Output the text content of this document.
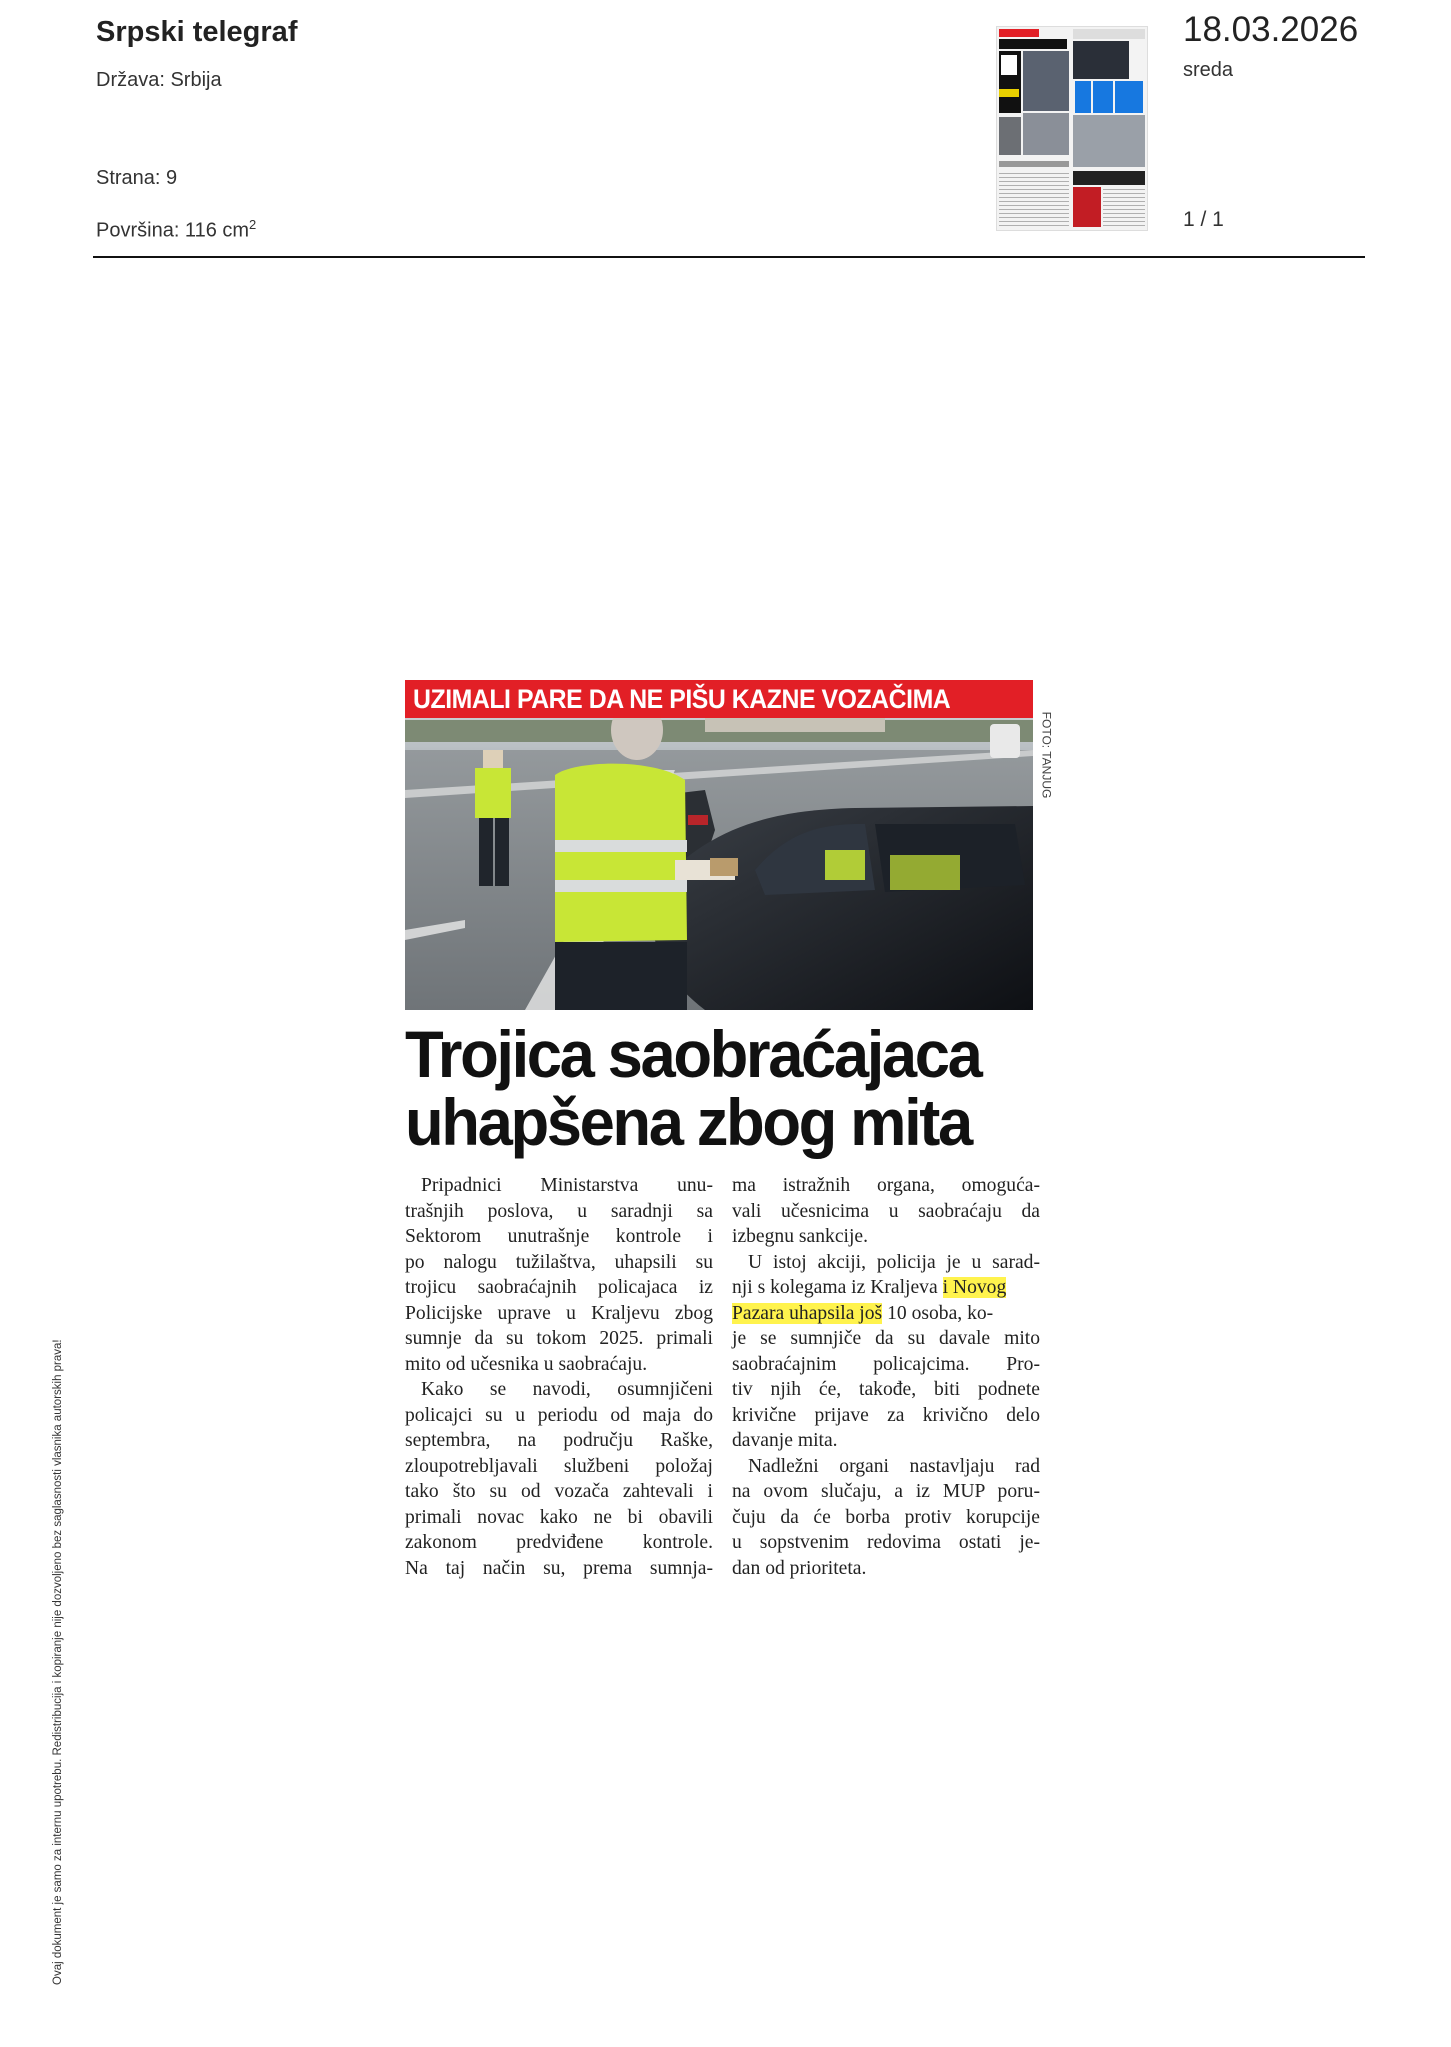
Srpski telegraf
Država: Srbija
Strana: 9
Površina: 116 $cm^2$
18.03.2026
sreda
1 / 1
UZIMALI PARE DA NE PIŠU KAZNE VOZAČIMA
FOTO: TANJUG
Trojica saobraćajaca
uhapšena zbog mita
Pripadnici Ministarstva unu-
trašnjih poslova, u saradnji sa
Sektorom unutrašnje kontrole i
po nalogu tužilaštva, uhapsili su
trojicu saobraćajnih policajaca iz
Policijske uprave u Kraljevu zbog
sumnje da su tokom 2025. primali
mito od učesnika u saobraćaju.
Kako se navodi, osumnjičeni
policajci su u periodu od maja do
septembra, na području Raške,
zloupotrebljavali službeni položaj
tako što su od vozača zahtevali i
primali novac kako ne bi obavili
zakonom predviđene kontrole.
Na taj način su, prema sumnja-
ma istražnih organa, omoguća-
vali učesnicima u saobraćaju da
izbegnu sankcije.
U istoj akciji, policija je u sarad-
nji s kolegama iz Kraljeva i Novog
Pazara uhapsila još 10 osoba, ko-
je se sumnjiče da su davale mito
saobraćajnim policajcima. Pro-
tiv njih će, takođe, biti podnete
krivične prijave za krivično delo
davanje mita.
Nadležni organi nastavljaju rad
na ovom slučaju, a iz MUP poru-
čuju da će borba protiv korupcije
u sopstvenim redovima ostati je-
dan od prioriteta.
Ovaj dokument je samo za internu upotrebu. Redistribucija i kopiranje nije dozvoljeno bez saglasnosti vlasnika autorskih prava!
